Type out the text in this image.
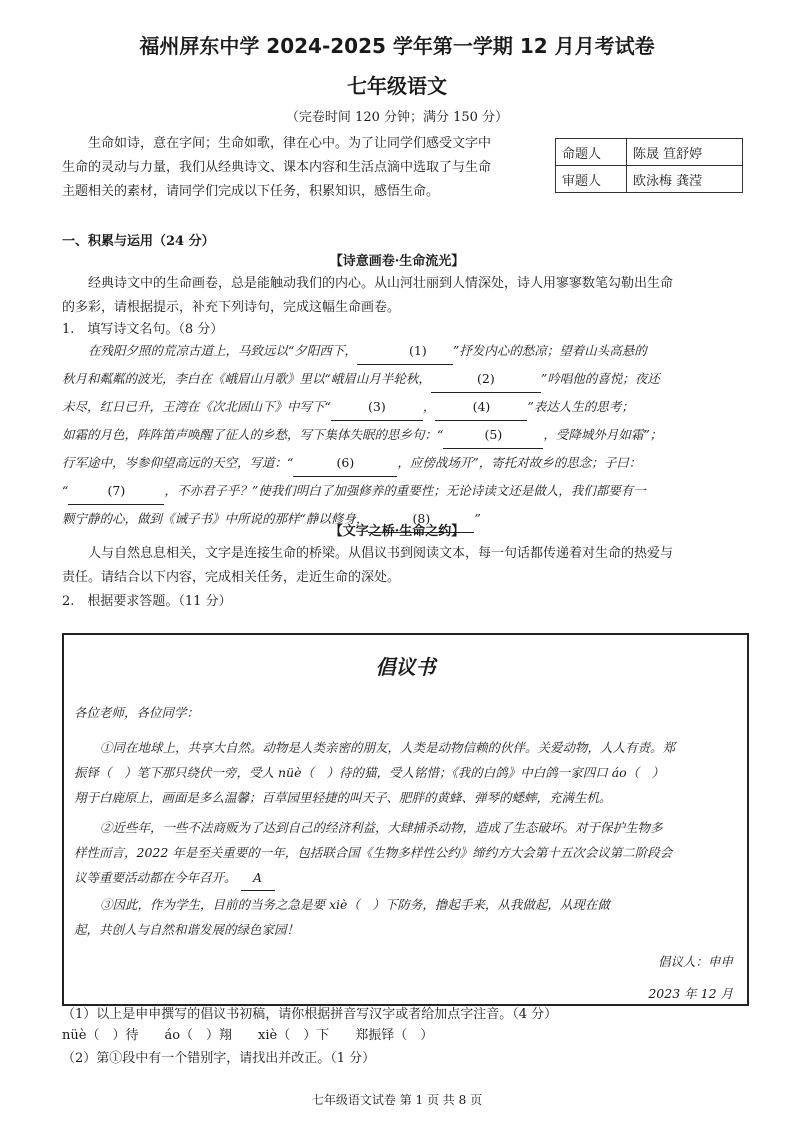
福州屏东中学 2024-2025 学年第一学期 12 月月考试卷
七年级语文
（完卷时间 120 分钟；满分 150 分）
生命如诗，意在字间；生命如歌，律在心中。为了让同学们感受文字中
生命的灵动与力量，我们从经典诗文、课本内容和生活点滴中选取了与生命
主题相关的素材，请同学们完成以下任务，积累知识，感悟生命。
命题人	陈晟 笪舒婷
审题人	欧泳梅 龚滢
一、积累与运用（24 分）
【诗意画卷·生命流光】
经典诗文中的生命画卷，总是能触动我们的内心。从山河壮丽到人情深处，诗人用寥寥数笔勾勒出生命
的多彩，请根据提示，补充下列诗句，完成这幅生命画卷。
1.　填写诗文名句。（8 分）
在残阳夕照的荒凉古道上，马致远以“夕阳西下，	(1) ”抒发内心的愁凉；望着山头高悬的
秋月和粼粼的波光，李白在《峨眉山月歌》里以“峨眉山月半轮秋，	(2)	”吟唱他的喜悦；夜还
未尽，红日已升，王湾在《次北固山下》中写下“	(3)	，	(4)	”表达人生的思考；
如霜的月色，阵阵笛声唤醒了征人的乡愁，写下集体失眠的思乡句：“	(5)	，受降城外月如霜”；
行军途中，岑参仰望高远的天空，写道：“	(6)	，应傍战场开”，寄托对故乡的思念；子曰：
“	(7)	，不亦君子乎？”使我们明白了加强修养的重要性；无论诗读文还是做人，我们都要有一
颗宁静的心，做到《诫子书》中所说的那样“静以修身，	(8)	”
【文字之桥·生命之约】
人与自然息息相关，文字是连接生命的桥梁。从倡议书到阅读文本，每一句话都传递着对生命的热爱与
责任。请结合以下内容，完成相关任务，走近生命的深处。
2.　根据要求答题。（11 分）
倡议书
各位老师，各位同学：
①同在地球上，共享大自然。动物是人类亲密的朋友，人类是动物信赖的伙伴。关爱动物，人人有责。郑
振铎（　）笔下那只绕伏一旁，受人 nüè（　）待的猫，受人铭惜；《我的白鸽》中白鸽一家四口 áo（　）
翔于白鹿原上，画面是多么温馨；百草园里轻捷的叫天子、肥胖的黄蜂、弹琴的蟋蟀，充满生机。
②近些年，一些不法商贩为了达到自己的经济利益，大肆捕杀动物，造成了生态破坏。对于保护生物多
样性而言，2022 年是至关重要的一年，包括联合国《生物多样性公约》缔约方大会第十五次会议第二阶段会
议等重要活动都在今年召开。 A
③因此，作为学生，目前的当务之急是要 xiè（　）下防务，撸起手来，从我做起，从现在做
起，共创人与自然和谐发展的绿色家园！
倡议人：申申
2023 年 12 月
（1）以上是申申撰写的倡议书初稿，请你根据拼音写汉字或者给加点字注音。（4 分）
nüè（　）待　　áo（　）翔　　xiè（　）下　　郑振铎（　）
（2）第①段中有一个错别字，请找出并改正。（1 分）
七年级语文试卷 第 1 页 共 8 页
